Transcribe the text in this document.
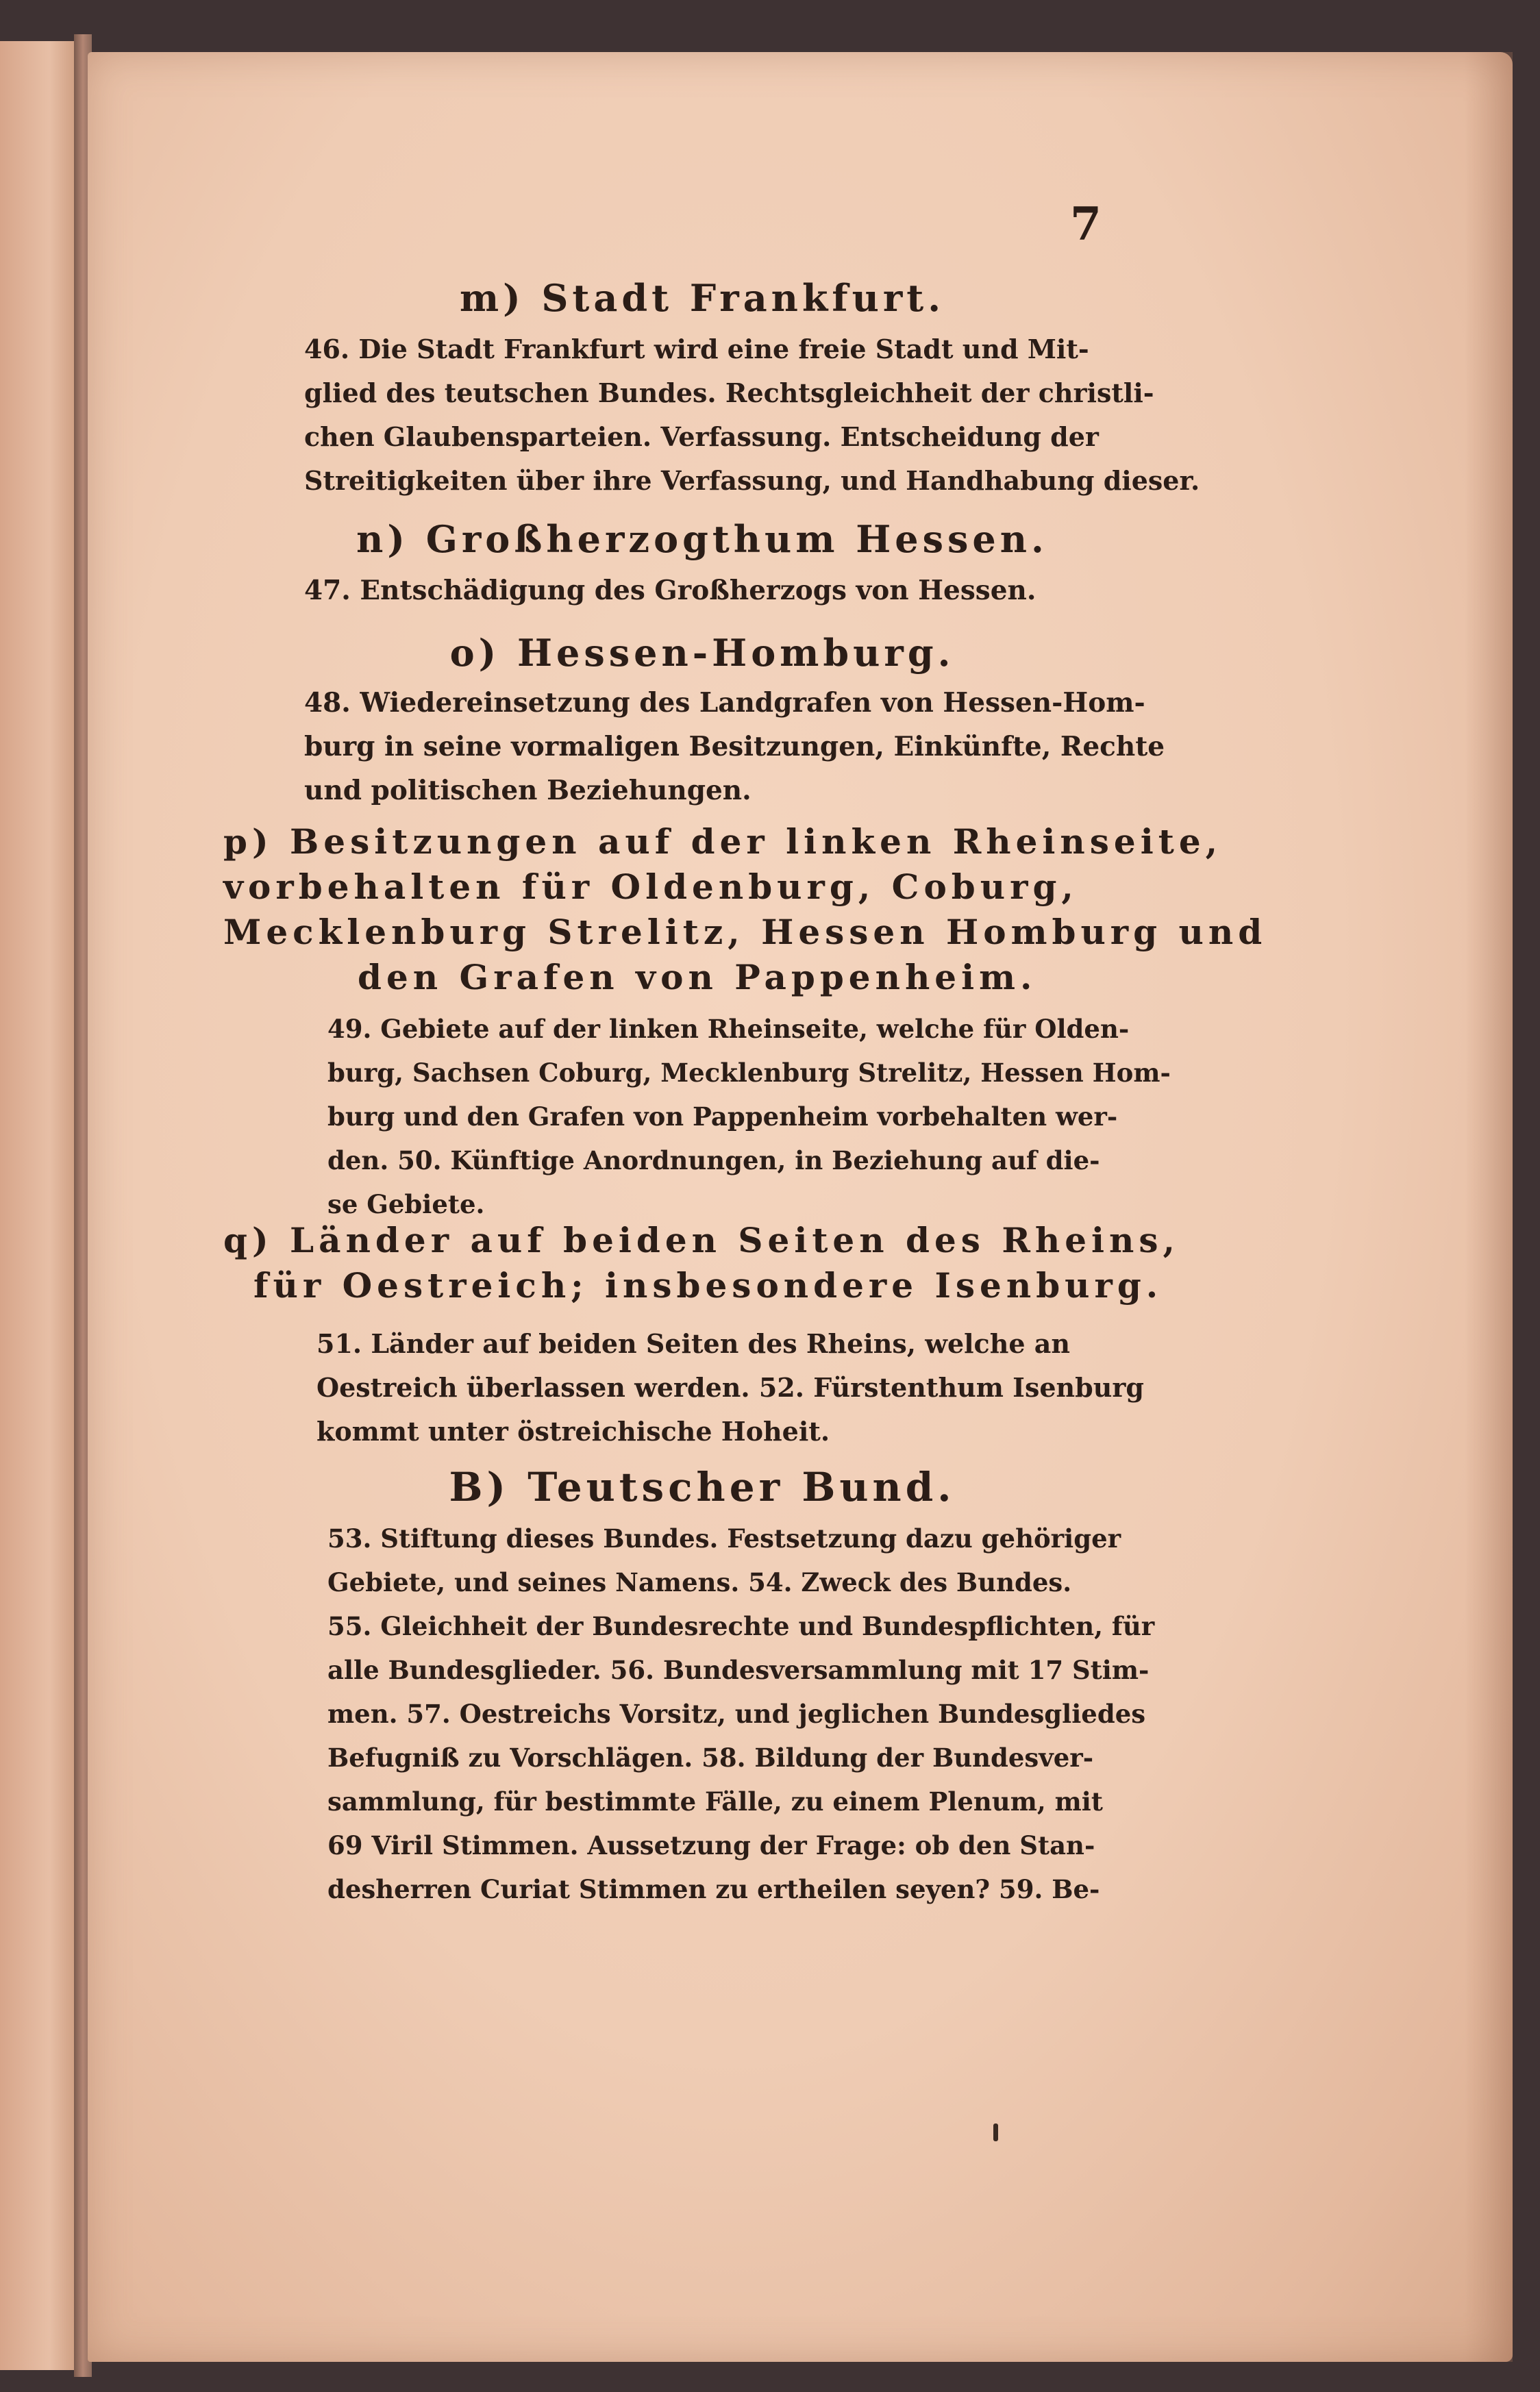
7
m) Stadt Frankfurt.
46. Die Stadt Frankfurt wird eine freie Stadt und Mit-
glied des teutschen Bundes. Rechtsgleichheit der christli-
chen Glaubensparteien. Verfassung. Entscheidung der
Streitigkeiten über ihre Verfassung, und Handhabung dieser.
n) Großherzogthum Hessen.
47. Entschädigung des Großherzogs von Hessen.
o) Hessen-Homburg.
48. Wiedereinsetzung des Landgrafen von Hessen-Hom-
burg in seine vormaligen Besitzungen, Einkünfte, Rechte
und politischen Beziehungen.
p) Besitzungen auf der linken Rheinseite,
vorbehalten für Oldenburg, Coburg,
Mecklenburg Strelitz, Hessen Homburg und
den Grafen von Pappenheim.
49. Gebiete auf der linken Rheinseite, welche für Olden-
burg, Sachsen Coburg, Mecklenburg Strelitz, Hessen Hom-
burg und den Grafen von Pappenheim vorbehalten wer-
den. 50. Künftige Anordnungen, in Beziehung auf die-
se Gebiete.
q) Länder auf beiden Seiten des Rheins,
für Oestreich; insbesondere Isenburg.
51. Länder auf beiden Seiten des Rheins, welche an
Oestreich überlassen werden. 52. Fürstenthum Isenburg
kommt unter östreichische Hoheit.
B) Teutscher Bund.
53. Stiftung dieses Bundes. Festsetzung dazu gehöriger
Gebiete, und seines Namens. 54. Zweck des Bundes.
55. Gleichheit der Bundesrechte und Bundespflichten, für
alle Bundesglieder. 56. Bundesversammlung mit 17 Stim-
men. 57. Oestreichs Vorsitz, und jeglichen Bundesgliedes
Befugniß zu Vorschlägen. 58. Bildung der Bundesver-
sammlung, für bestimmte Fälle, zu einem Plenum, mit
69 Viril Stimmen. Aussetzung der Frage: ob den Stan-
desherren Curiat Stimmen zu ertheilen seyen? 59. Be-
